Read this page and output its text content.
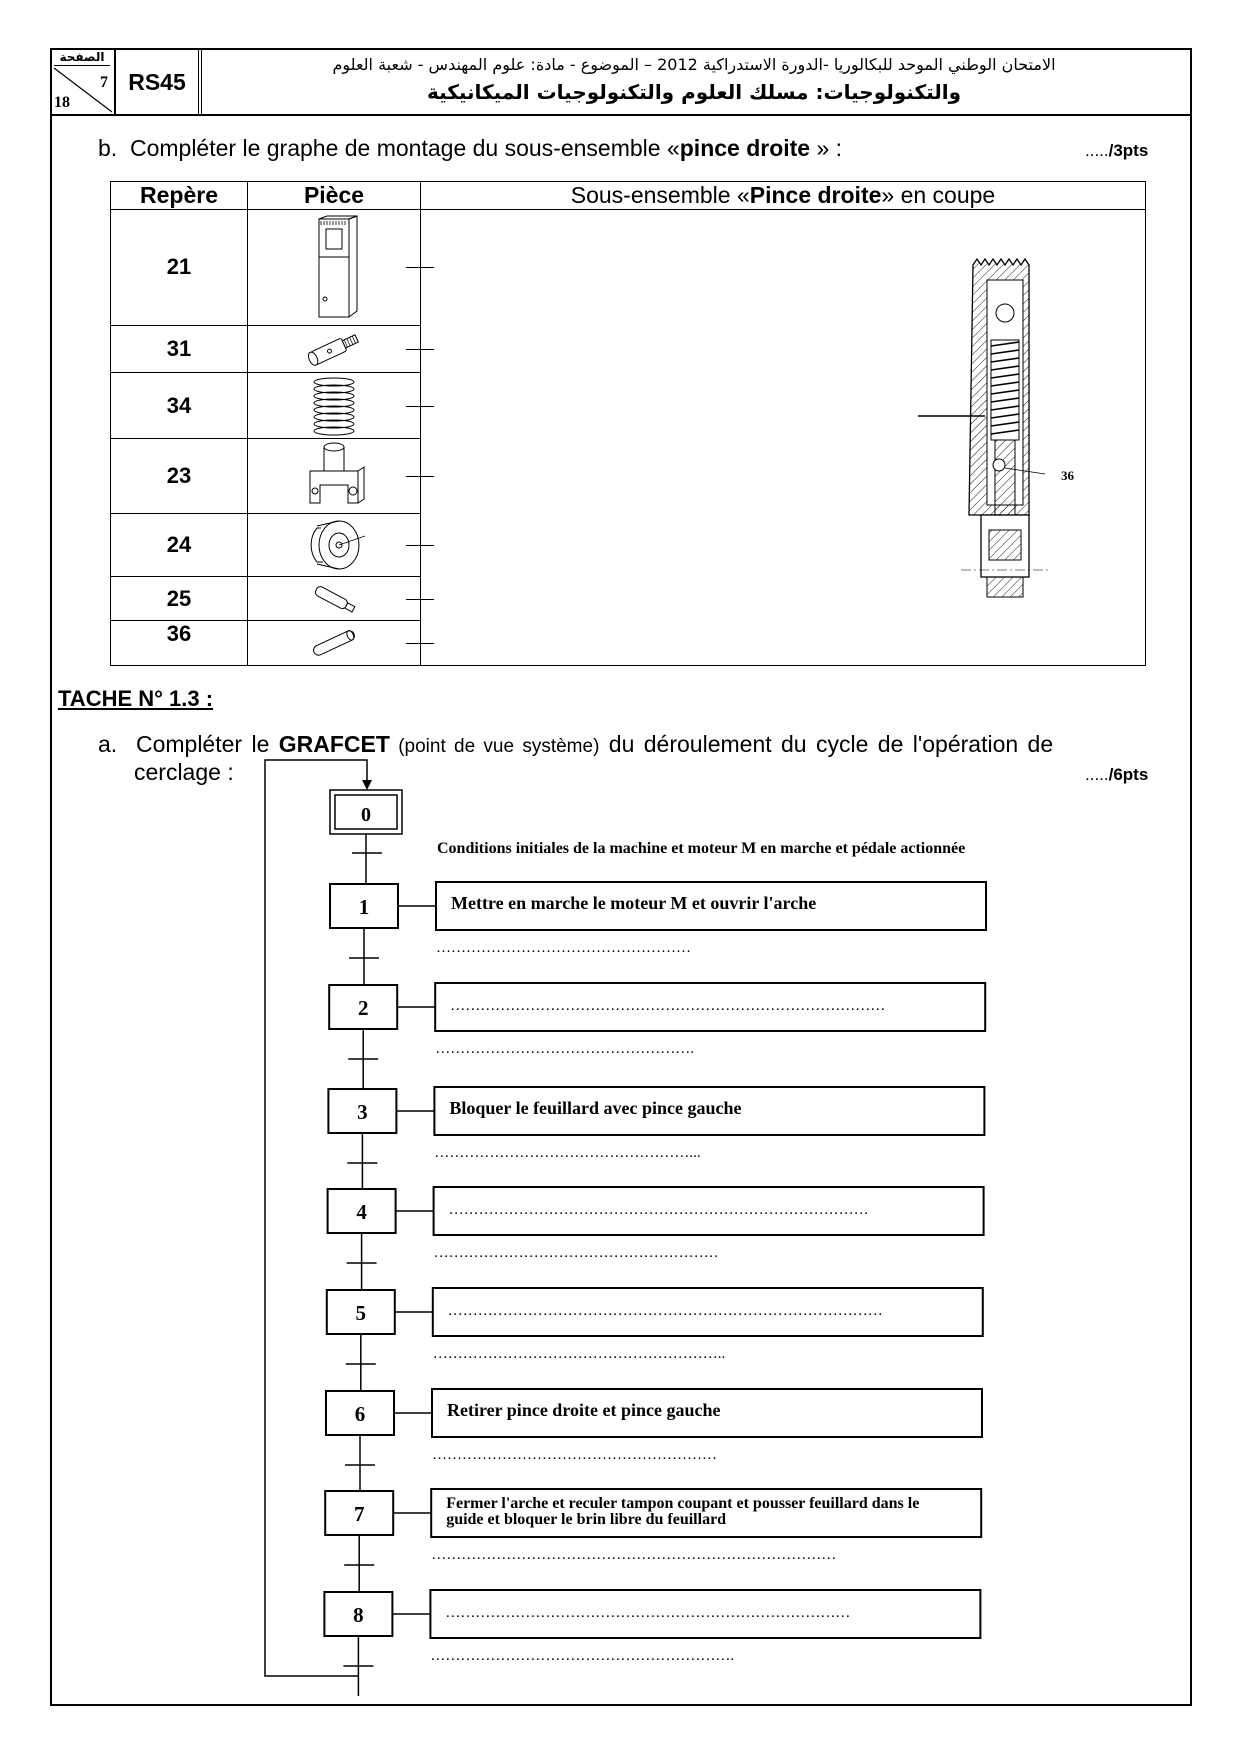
الصفحة
7
18
RS45
الامتحان الوطني الموحد للبكالوريا -الدورة الاستدراكية 2012 – الموضوع - مادة: علوم المهندس - شعبة العلوم
والتكنولوجيات: مسلك العلوم والتكنولوجيات الميكانيكية
b. Compléter le graphe de montage du sous-ensemble «pince droite » :	...../3pts
Repère	Pièce	Sous-ensemble «Pince droite» en coupe
21		36

31	

34	

23	

24	

25	

36	
TACHE N° 1.3 :
a. Compléter le GRAFCET (point de vue système) du déroulement du cycle de l'opération de
cerclage :	...../6pts
0
Conditions initiales de la machine et moteur M en marche et pédale actionnée
1	Mettre en marche le moteur M et ouvrir l'arche
……………………………………………
2	……………………………………………………………………………
…………………………………………….
3	Bloquer le feuillard avec pince gauche
……………………………………………...
4	…………………………………………………………………………
…………………………………………………
5	……………………………………………………………………………
…………………………………………………..
6	Retirer pince droite et pince gauche
…………………………………………………
7	Fermer l'arche et reculer tampon coupant et pousser feuillard dans le
guide et bloquer le brin libre du feuillard
………………………………………………………………………
8	………………………………………………………………………
…………………………………………………….
